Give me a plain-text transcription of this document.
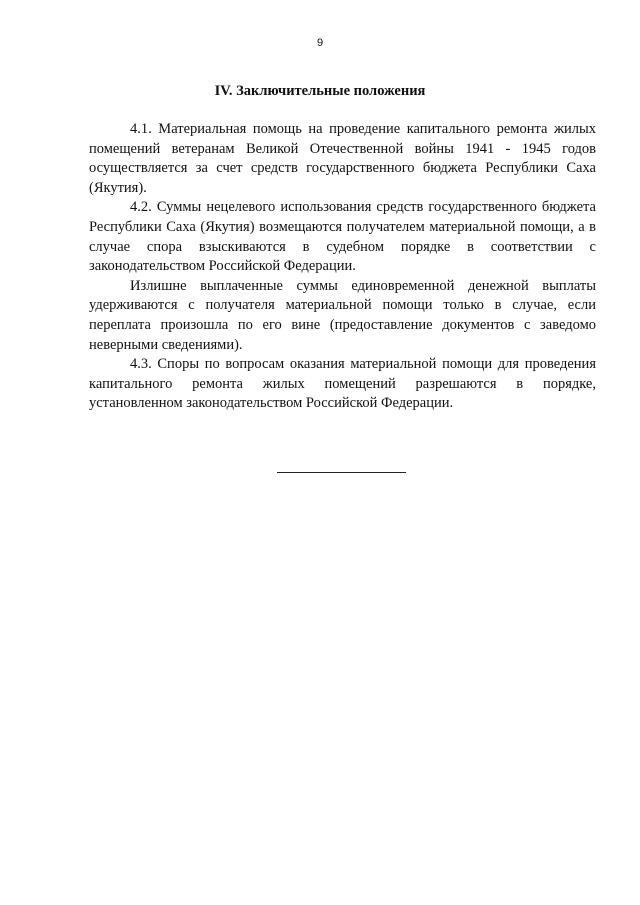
9
IV. Заключительные положения

4.1. Материальная помощь на проведение капитального ремонта жилых помещений ветеранам Великой Отечественной войны 1941 - 1945 годов осуществляется за счет средств государственного бюджета Республики Саха (Якутия).

4.2. Суммы нецелевого использования средств государственного бюджета Республики Саха (Якутия) возмещаются получателем материальной помощи, а в случае спора взыскиваются в судебном порядке в соответствии с законодательством Российской Федерации.

Излишне выплаченные суммы единовременной денежной выплаты удерживаются с получателя материальной помощи только в случае, если переплата произошла по его вине (предоставление документов с заведомо неверными сведениями).

4.3. Споры по вопросам оказания материальной помощи для проведения капитального ремонта жилых помещений разрешаются в порядке, установленном законодательством Российской Федерации.
